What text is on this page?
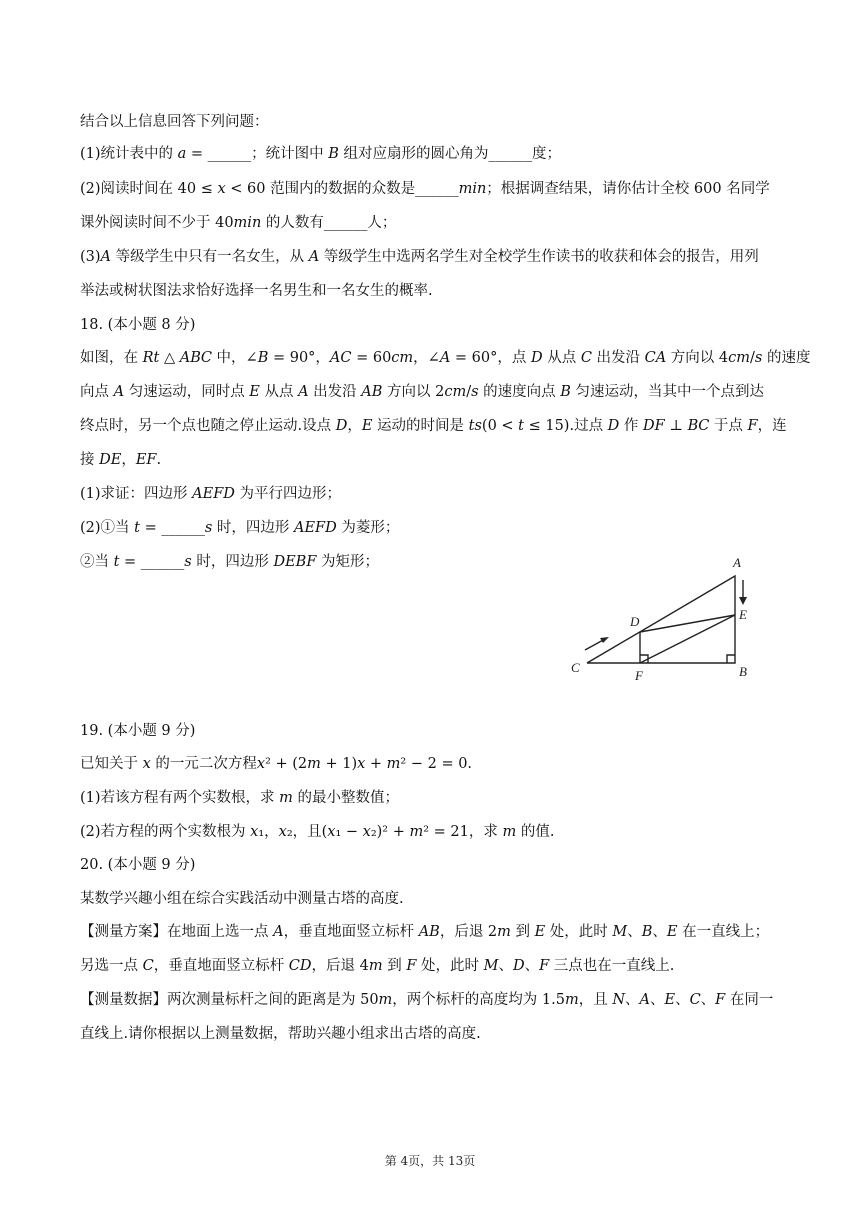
结合以上信息回答下列问题：
(1)统计表中的 𝑎 = ______；统计图中 𝐵 组对应扇形的圆心角为______度；
(2)阅读时间在 40 ≤ 𝑥 < 60 范围内的数据的众数是______𝑚𝑖𝑛；根据调查结果，请你估计全校 600 名同学
课外阅读时间不少于 40𝑚𝑖𝑛 的人数有______人；
(3)𝐴 等级学生中只有一名女生，从 𝐴 等级学生中选两名学生对全校学生作读书的收获和体会的报告，用列
举法或树状图法求恰好选择一名男生和一名女生的概率.
18. (本小题 8 分)
如图，在 𝑅𝑡 △ 𝐴𝐵𝐶 中，∠𝐵 = 90°，𝐴𝐶 = 60𝑐𝑚，∠𝐴 = 60°，点 𝐷 从点 𝐶 出发沿 𝐶𝐴 方向以 4𝑐𝑚/𝑠 的速度
向点 𝐴 匀速运动，同时点 𝐸 从点 𝐴 出发沿 𝐴𝐵 方向以 2𝑐𝑚/𝑠 的速度向点 𝐵 匀速运动，当其中一个点到达
终点时，另一个点也随之停止运动.设点 𝐷，𝐸 运动的时间是 𝑡𝑠(0 < 𝑡 ≤ 15).过点 𝐷 作 𝐷𝐹 ⊥ 𝐵𝐶 于点 𝐹，连
接 𝐷𝐸，𝐸𝐹.
(1)求证：四边形 𝐴𝐸𝐹𝐷 为平行四边形；
(2)①当 𝑡 = ______𝑠 时，四边形 𝐴𝐸𝐹𝐷 为菱形；
②当 𝑡 = ______𝑠 时，四边形 𝐷𝐸𝐵𝐹 为矩形；	A
B
C
D	E
F
19. (本小题 9 分)
已知关于 𝑥 的一元二次方程𝑥² + (2𝑚 + 1)𝑥 + 𝑚² − 2 = 0.
(1)若该方程有两个实数根，求 𝑚 的最小整数值；
(2)若方程的两个实数根为 𝑥₁，𝑥₂，且(𝑥₁ − 𝑥₂)² + 𝑚² = 21，求 𝑚 的值.
20. (本小题 9 分)
某数学兴趣小组在综合实践活动中测量古塔的高度.
【测量方案】在地面上选一点 𝐴，垂直地面竖立标杆 𝐴𝐵，后退 2𝑚 到 𝐸 处，此时 𝑀、𝐵、𝐸 在一直线上；
另选一点 𝐶，垂直地面竖立标杆 𝐶𝐷，后退 4𝑚 到 𝐹 处，此时 𝑀、𝐷、𝐹 三点也在一直线上.
【测量数据】两次测量标杆之间的距离是为 50𝑚，两个标杆的高度均为 1.5𝑚，且 𝑁、𝐴、𝐸、𝐶、𝐹 在同一
直线上.请你根据以上测量数据，帮助兴趣小组求出古塔的高度.
第 4页，共 13页
